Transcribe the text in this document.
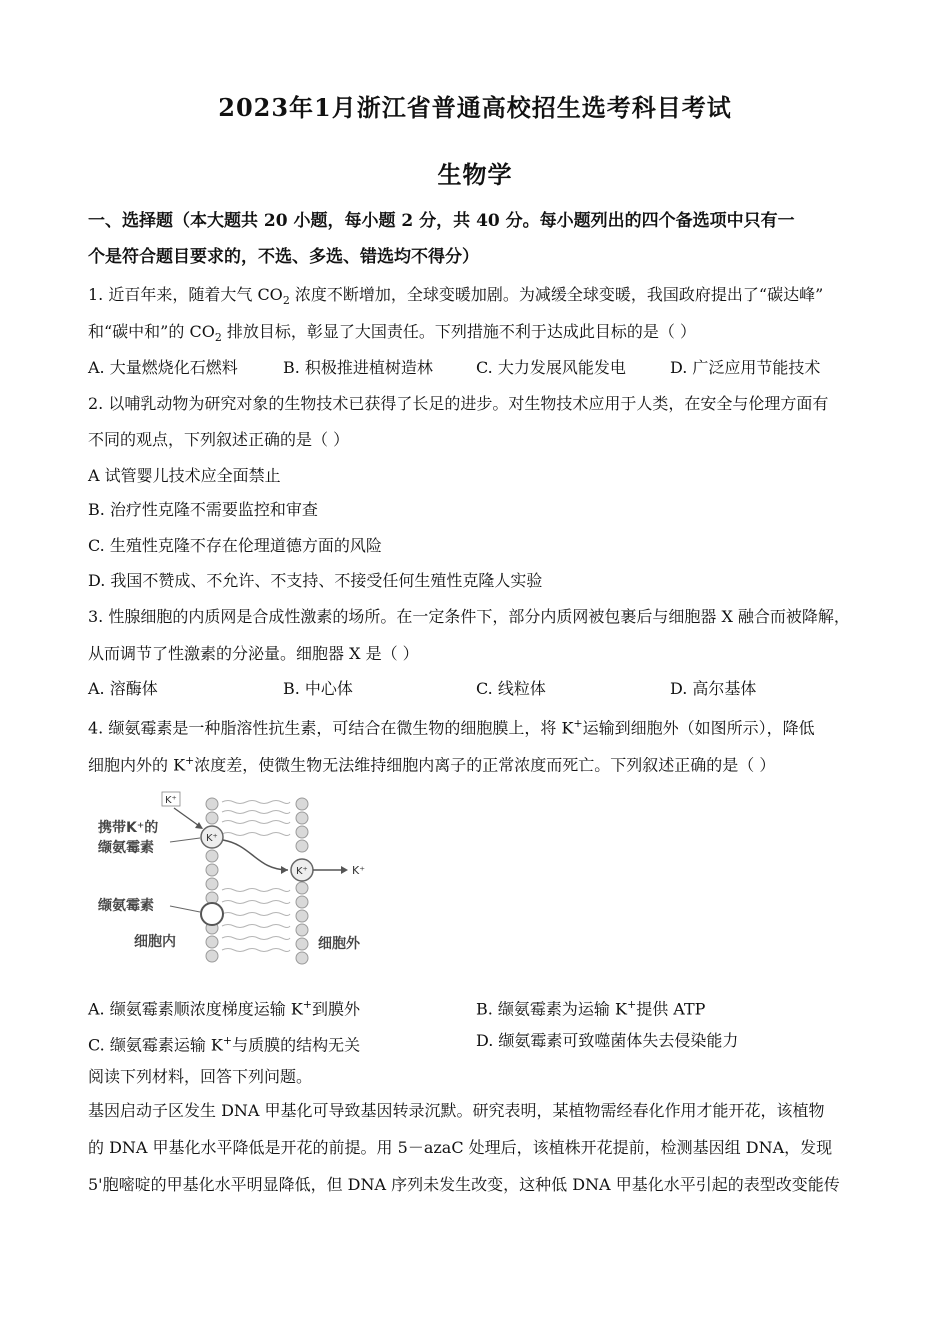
2023年1月浙江省普通高校招生选考科目考试
生物学
一、选择题（本大题共 20 小题，每小题 2 分，共 40 分。每小题列出的四个备选项中只有一
个是符合题目要求的，不选、多选、错选均不得分）
1. 近百年来，随着大气 $CO_2$ 浓度不断增加，全球变暖加剧。为减缓全球变暖，我国政府提出了“碳达峰”
和“碳中和”的 $CO_2$ 排放目标，彰显了大国责任。下列措施不利于达成此目标的是（ ）
A. 大量燃烧化石燃料	B. 积极推进植树造林	C. 大力发展风能发电	D. 广泛应用节能技术
2. 以哺乳动物为研究对象的生物技术已获得了长足的进步。对生物技术应用于人类，在安全与伦理方面有
不同的观点，下列叙述正确的是（ ）
A 试管婴儿技术应全面禁止
B. 治疗性克隆不需要监控和审查
C. 生殖性克隆不存在伦理道德方面的风险
D. 我国不赞成、不允许、不支持、不接受任何生殖性克隆人实验
3. 性腺细胞的内质网是合成性激素的场所。在一定条件下，部分内质网被包裹后与细胞器 X 融合而被降解，
从而调节了性激素的分泌量。细胞器 X 是（ ）
A. 溶酶体	B. 中心体	C. 线粒体	D. 高尔基体
4. 缬氨霉素是一种脂溶性抗生素，可结合在微生物的细胞膜上，将 K+运输到细胞外（如图所示），降低
细胞内外的 K+浓度差，使微生物无法维持细胞内离子的正常浓度而死亡。下列叙述正确的是（ ）
K⁺
K⁺	K⁺
K⁺
携带K⁺的
缬氨霉素
缬氨霉素
细胞内	细胞外
A. 缬氨霉素顺浓度梯度运输 K+到膜外	B. 缬氨霉素为运输 K+提供 ATP
C. 缬氨霉素运输 K+与质膜的结构无关	D. 缬氨霉素可致噬菌体失去侵染能力
阅读下列材料，回答下列问题。
基因启动子区发生 DNA 甲基化可导致基因转录沉默。研究表明，某植物需经春化作用才能开花，该植物
的 DNA 甲基化水平降低是开花的前提。用 5－azaC 处理后，该植株开花提前，检测基因组 DNA，发现
5'胞嘧啶的甲基化水平明显降低，但 DNA 序列未发生改变，这种低 DNA 甲基化水平引起的表型改变能传
